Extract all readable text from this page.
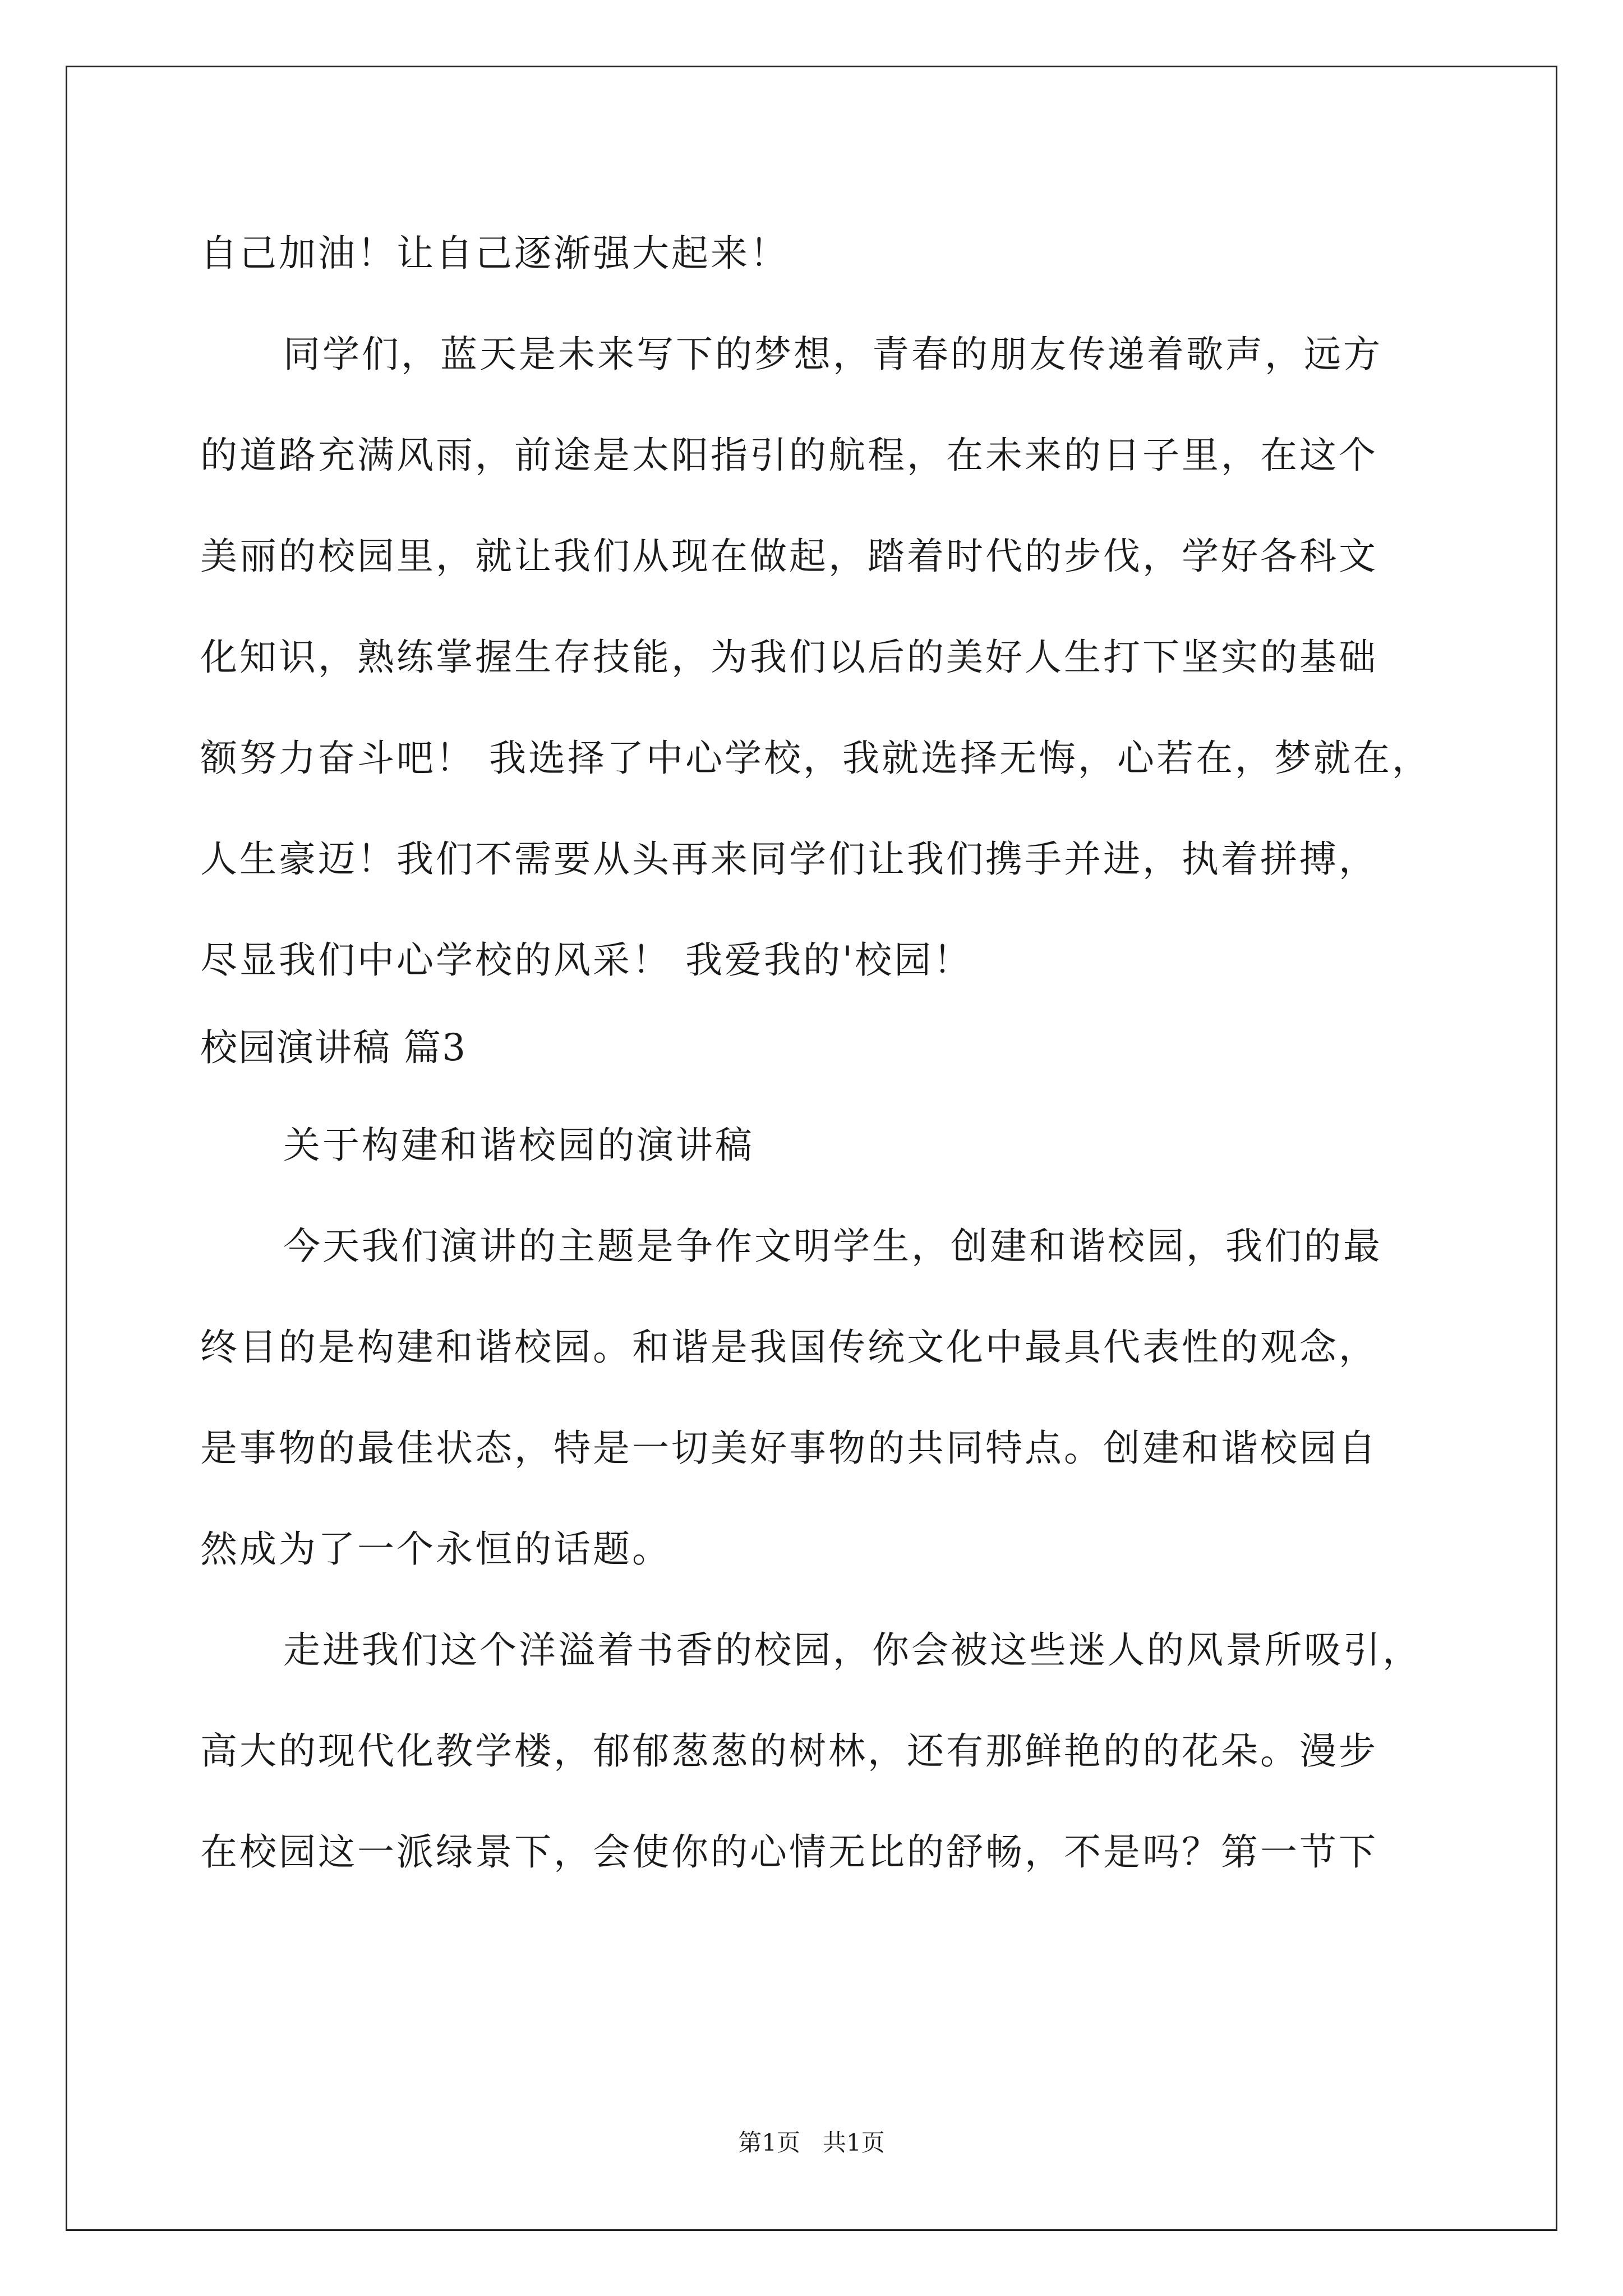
自己加油！让自己逐渐强大起来！
同学们，蓝天是未来写下的梦想，青春的朋友传递着歌声，远方
的道路充满风雨，前途是太阳指引的航程，在未来的日子里，在这个
美丽的校园里，就让我们从现在做起，踏着时代的步伐，学好各科文
化知识，熟练掌握生存技能，为我们以后的美好人生打下坚实的基础
额努力奋斗吧！ 我选择了中心学校，我就选择无悔，心若在，梦就在，
人生豪迈！我们不需要从头再来同学们让我们携手并进，执着拼搏，
尽显我们中心学校的风采！ 我爱我的'校园！
校园演讲稿 篇3
关于构建和谐校园的演讲稿
今天我们演讲的主题是争作文明学生，创建和谐校园，我们的最
终目的是构建和谐校园。和谐是我国传统文化中最具代表性的观念，
是事物的最佳状态，特是一切美好事物的共同特点。创建和谐校园自
然成为了一个永恒的话题。
走进我们这个洋溢着书香的校园，你会被这些迷人的风景所吸引，
高大的现代化教学楼，郁郁葱葱的树林，还有那鲜艳的的花朵。漫步
在校园这一派绿景下，会使你的心情无比的舒畅，不是吗？第一节下
第1页   共1页
